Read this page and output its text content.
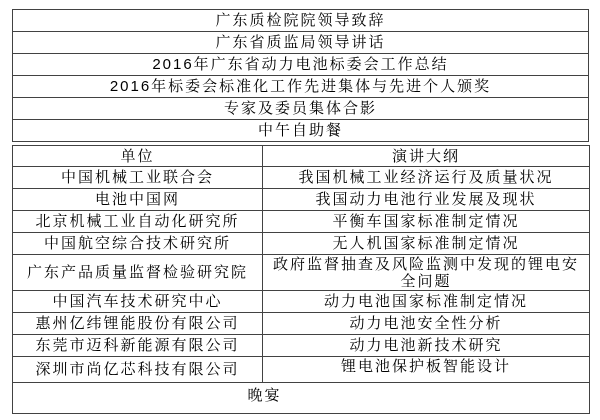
广东质检院院领导致辞
广东省质监局领导讲话
2016年广东省动力电池标委会工作总结
2016年标委会标准化工作先进集体与先进个人颁奖
专家及委员集体合影
中午自助餐
单位	演讲大纲
中国机械工业联合会	我国机械工业经济运行及质量状况
电池中国网	我国动力电池行业发展及现状
北京机械工业自动化研究所	平衡车国家标准制定情况
中国航空综合技术研究所	无人机国家标准制定情况
广东产品质量监督检验研究院	政府监督抽查及风险监测中发现的锂电安
全问题

中国汽车技术研究中心	动力电池国家标准制定情况
惠州亿纬锂能股份有限公司	动力电池安全性分析
东莞市迈科新能源有限公司	动力电池新技术研究
深圳市尚亿芯科技有限公司	锂电池保护板智能设计
晚宴	
